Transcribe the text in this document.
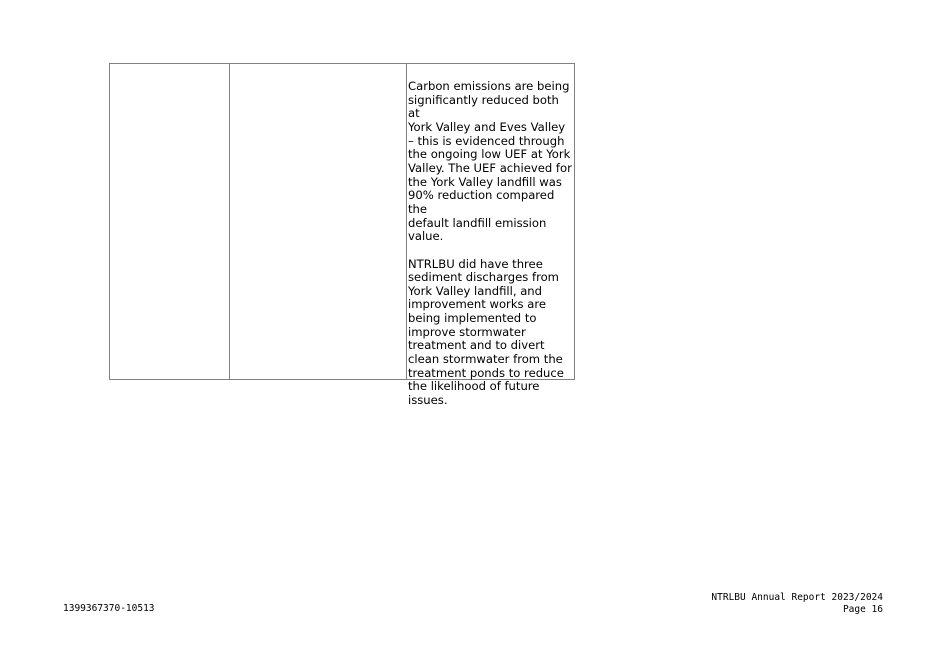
Carbon emissions are being
significantly reduced both at
York Valley and Eves Valley
– this is evidenced through
the ongoing low UEF at York
Valley. The UEF achieved for
the York Valley landfill was
90% reduction compared the
default landfill emission
value.

NTRLBU did have three
sediment discharges from
York Valley landfill, and
improvement works are
being implemented to
improve stormwater
treatment and to divert
clean stormwater from the
treatment ponds to reduce
the likelihood of future
issues.

1399367370-10513
NTRLBU Annual Report 2023/2024
Page 16
